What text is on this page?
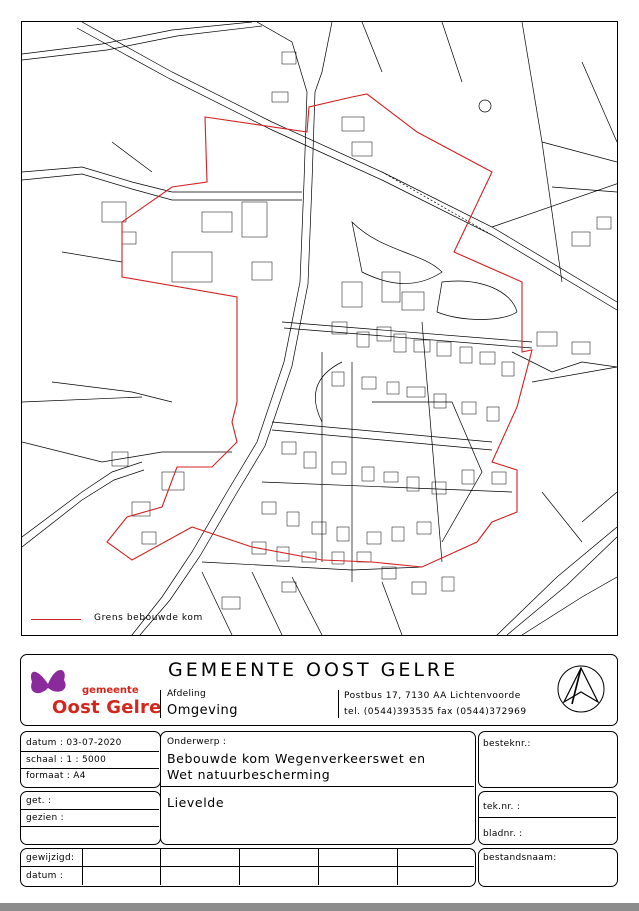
Grens bebouwde kom
GEMEENTE OOST GELRE
gemeente
Oost Gelre
Afdeling
Omgeving
Postbus 17, 7130 AA Lichtenvoorde
tel. (0544)393535 fax (0544)372969
datum : 03-07-2020
schaal : 1 : 5000
formaat : A4
get. :
gezien :
Onderwerp :
Bebouwde kom Wegenverkeerswet en
Wet natuurbescherming
Lievelde
besteknr.:
tek.nr. :
bladnr. :
gewijzigd:
datum :
bestandsnaam:
